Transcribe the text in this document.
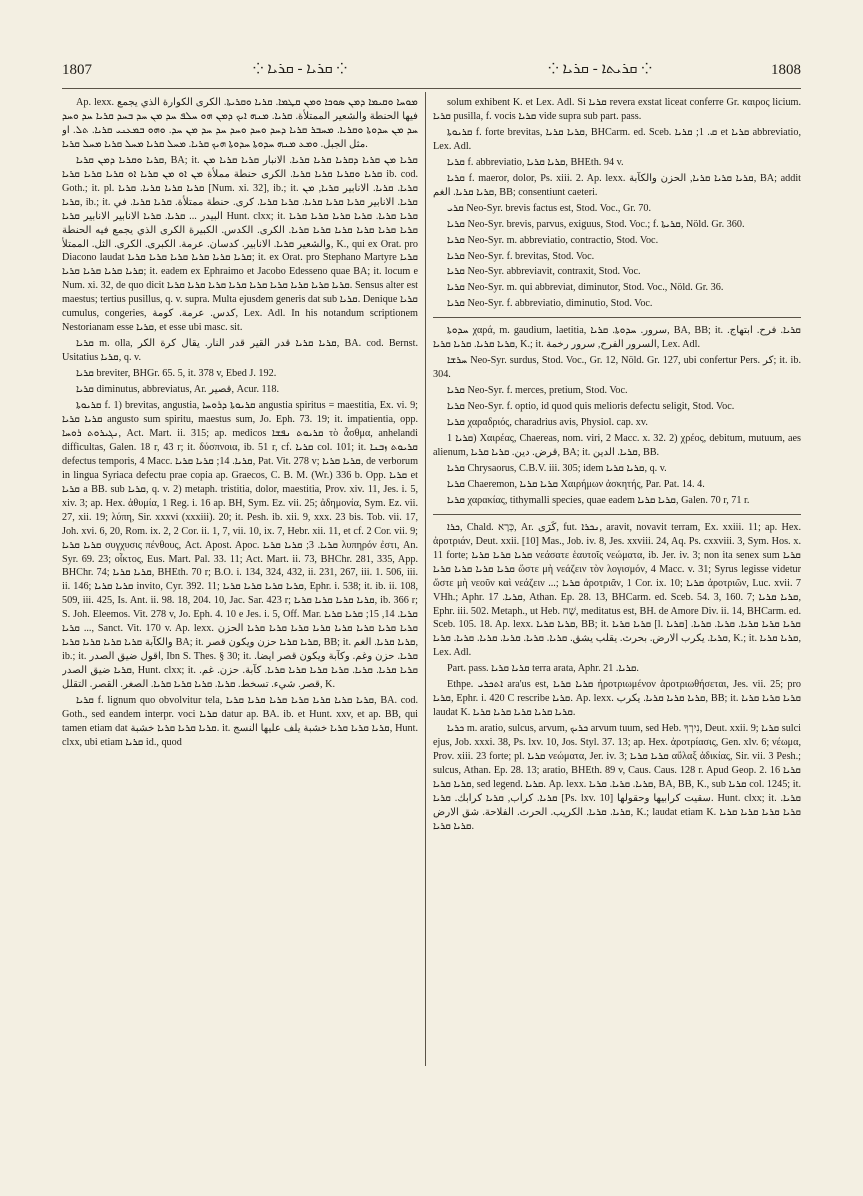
1807	⁘ ܩܪܝܐ - ܩܪܝܐ ⁘	⁘ ܩܪܝܬܐ - ܩܪܝܐ ⁘	1808

Ap. lexx. ܡܘܚܐ ܘܩܝܡܐ ܕܡܢ ܣܘܟܐ ܘܡܢ ܩܛܡܐ. ܩܪܝܐ ܘܩܪܝܬܐ. الكرى الكوارة الذي يجمع فيها الحنطة والشعير الممتلأة. ܩܪܝܐ. ܡܢܗ ܐܝܟ ܕܡܢ ܗܘ ܚܠܦ ܚܕ ܡܢ ܚܕ ܒܚܕ ܩܪܝܐ ܚܕ ܘܚܕ ܚܕ ܡܢ ܚܕܘܬܐ ܘܩܪܝܐ. ܡܚܒܪ ܩܪܝܐ ܕܚܕ ܘܚܕ ܘܚܕ ܚܕ ܚܕ ܡܢ ܚܕ. ܘܗܘ ܒܡܥܢܝ ܩܪܝܐ. ܬܠ. او مثل الجبل. ܘܡܥ ܡܢܗ ܚܕܘܬܐ ܚܕܘܬܐ ܗܝܟ ܩܪܝܐ. ܡܚܠ ܩܪܝܐ ܡܚܠ ܩܪܝܐ ܡܚܠ ܩܪܝܐ.

ܩܪܝܐ ܘܩܪܝܐ ܕܡܢ ܩܪܝܐ, BA; it. ܩܪܝܐ ܡܢ ܩܪܝܐ ܕܩܪܝܐ ܩܪܝܐ ܩܪܝܐ. الانبار ܩܪܝܐ ܩܪܝܐ ܡܢ ܩܪܝܐ ܘܩܪܝܐ ܩܪܝܐ ܩܪܝܐ. الكرى حنطة مملأة ܡܢ ܐܘ ܡܢ ܩܪܝܐ ܐܘ ܩܪܝܐ ܩܪܝܐ ܩܪܝܐ ib. cod. Goth.; it. pl. ܩܪܝܐ ܩܪܝܐ ܩܪܝܐ. ܩܪܝܐ [Num. xi. 32], ib.; it. ܩܪܝܐ. ܩܪܝܐ. الانابير ܩܪܝܐ, ܡܢ ܩܪܝܐ, ib.; it. ܩܪܝܐ. الانابير ܩܪܝܐ ܩܪܝܐ ܩܪܝܐ. ܩܪܝܐ ܩܪܝܐ. كرى. حنطة ممتلأة. ܩܪܝܐ ܩܪܝܐ. في البيدر ... ܩܪܝܐ. ܩܪܝܐ الانابير الانابير ܩܪܝܐ Hunt. clxx; it. ܩܪܝܐ ܩܪܝܐ. ܩܪܝܐ ܩܪܝܐ ܩܪܝܐ ܩܪܝܐ ܩܪܝܐ ܩܪܝܐ ܩܪܝܐ ܩܪܝܐ ܩܪܝܐ ܩܪܝܐ. الكرى. الكدس. الكبيرة الكرى الذي يجمع فيه الحنطة والشعير ܩܪܝܐ. الانابير. كدسان. عرمة. الكبرى. الكرى. الثل. الممتلأ, K., qui ex Orat. pro Diacono laudat ܩܪܝܐ ܩܪܝܐ ܩܪܝܐ ܩܪܝܐ ܩܪܝܐ ܩܪܝܐ; it. ex Orat. pro Stephano Martyre ܩܪܝܐ ܩܪܝܐ ܩܪܝܐ ܩܪܝܐ ܩܪܝܐ; it. eadem ex Ephraimo et Jacobo Edesseno quae BA; it. locum e Num. xi. 32, de quo dicit ܩܪܝܐ ܩܪܝܐ ܩܪܝܐ ܩܪܝܐ ܩܪܝܐ ܩܪܝܐ ܩܪܝܐ ܩܪܝܐ ܩܪܝܐ. Sensus alter est maestus; tertius pusillus, q. v. supra. Multa ejusdem generis dat sub ܩܪܝܐ. Denique ܩܪܝܐ cumulus, congeries, كدس. عرمة. كومة, Lex. Adl. In his notandum scriptionem Nestorianam esse ܩܪܝܐ, et esse ubi masc. sit.

ܩܪܝܐ m. olla, ܩܪܝܐ ܩܪܝܐ قدر القير قدر النار. يقال كرة الكر, BA. cod. Bernst. Usitatius ܩܪܝܐ, q. v.

ܩܪܝܐ breviter, BHGr. 65. 5, it. 378 v, Ebed J. 192.

ܩܪܝܐ diminutus, abbreviatus, Ar. قصير, Acur. 118.

ܩܪܝܘܬܐ f. 1) brevitas, angustia, ܩܪܝܘܬܐ ܕܪܘܚܐ angustia spiritus = maestitia, Ex. vi. 9; ܩܪܝܐ ܩܪܝܐ angusto sum spiritu, maestus sum, Jo. Eph. 73. 19; it. impatientia, opp. ܢܓܝܪܘܬ ܪܘܚܐ, Act. Mart. ii. 315; ap. medicos ܩܪܝܘܬ ܢܦܫܐ τὸ ἆσθμα, anhelandi difficultas, Galen. 18 r, 43 r; it. δύσπνοια, ib. 51 r, cf. ܩܪܝܐ col. 101; it. ܩܪܝܘܬ ܙܒܢܐ defectus temporis, 4 Macc. ܩܪܝܐ. 14; ܩܪܝܐ ܩܪܝܐ, Pat. Vit. 278 v; ܩܪܝܐ ܩܪܝܐ, de verborum in lingua Syriaca defectu prae copia ap. Graecos, C. B. M. (Wr.) 336 b. Opp. ܩܪܝܐ et ܩܪܝܐ a BB. sub ܩܪܝܐ, q. v. 2) metaph. tristitia, dolor, maestitia, Prov. xiv. 11, Jes. i. 5, xiv. 3; ap. Hex. ἀθυμία, 1 Reg. i. 16 ap. BH, Sym. Ez. vii. 25; ἀδημονία, Sym. Ez. vii. 27, xii. 19; λύπη, Sir. xxxvi (xxxiii). 20; it. Pesh. ib. xii. 9, xxx. 23 bis. Tob. vii. 17, Joh. xvi. 6, 20, Rom. ix. 2, 2 Cor. ii. 1, 7, vii. 10, ix. 7, Hebr. xii. 11, et cf. 2 Cor. vii. 9; ܩܪܝܐ ܩܪܝܐ συγχυσις πένθους, Act. Apost. Apoc. ܩܪܝܐ. 3; ܩܪܝܐ ܩܪܝܐ λυπηρόν ἐστι, An. Syr. 69. 23; οἶκτος, Eus. Mart. Pal. 33. 11; Act. Mart. ii. 73, BHChr. 281, 335, App. BHChr. 74; ܩܪܝܐ ܩܪܝܐ, BHEth. 70 r; B.O. i. 134, 324, 432, ii. 231, 267, iii. 1. 506, iii. ii. 146; ܩܪܝܐ ܩܪܝܐ invito, Cyr. 392. 11; ܩܪܝܐ ܩܪܝܐ ܩܪܝܐ ܩܪܝܐ, Ephr. i. 538; it. ib. ii. 108, 509, iii. 425, Is. Ant. ii. 98. 18, 204. 10, Jac. Sar. 423 r; ܩܪܝܐ ܩܪܝܐ ܩܪܝܐ ܩܪܝܐ, ib. 366 r; S. Joh. Eleemos. Vit. 278 v, Jo. Eph. 4. 10 e Jes. i. 5, Off. Mar. ܩܪܝܐ. 14, 15; ܩܪܝܐ ܩܪܝܐ ... ܩܪܝܐ, Sanct. Vit. 170 v. Ap. lexx. ܩܪܝܐ ܩܪܝܐ ܩܪܝܐ ܩܪܝܐ ܩܪܝܐ ܩܪܝܐ ܩܪܝܐ ܩܪܝܐ الحزن والكآبة ܩܪܝܐ ܩܪܝܐ ܩܪܝܐ ܩܪܝܐ BA; it. ܩܪܝܐ ܩܪܝܐ حزن ويكون قصر, BB; it. ܩܪܝܐ ܩܪܝܐ. الغم, ib.; it. اقول ضيق الصدر, Ibn S. Thes. § 30; it. ܩܪܝܐ. حزن وغم. وكآبة ويكون قصر ايضا. ܩܪܝܐ ضيق الصدر, Hunt. clxx; it. ܩܪܝܐ ܩܪܝܐ. ܩܪܝܐ. ܩܪܝܐ ܩܪܝܐ ܩܪܝܐ ܩܪܝܐ. كآبة. حزن. غم. قصر. شيء. تسخط. ܩܪܝܐ. ܩܪܝܐ ܩܪܝܐ ܩܪܝܐ. الصغر. القصر. التقلل, K.

ܩܪܝܐ f. lignum quo obvolvitur tela, ܩܪܝܐ ܩܪܝܐ ܩܪܝܐ ܩܪܝܐ ܩܪܝܐ ܩܪܝܐ ܩܪܝܐ, BA. cod. Goth., sed eandem interpr. voci ܩܪܝܐ datur ap. BA. ib. et Hunt. xxv, et ap. BB, qui tamen etiam dat ܩܪܝܐ ܩܪܝܐ ܩܪܝܐ خشبة. it. ܩܪܝܐ ܩܪܝܐ ܩܪܝܐ خشبة يلف عليها النسج, Hunt. clxx, ubi etiam ܩܪܝܐ id., quod

solum exhibent K. et Lex. Adl. Si ܩܪܝܐ revera exstat liceat conferre Gr. καιρος licium. ܩܪܝܐ pusilla, f. vocis ܩܪܝܐ vide supra sub part. pass.

ܩܪܝܘܬܐ f. forte brevitas, ܩܪܝܐ ܩܪܝܐ, BHCarm. ed. Sceb. ܩ. 1; ܩܪܝܐ et ܩܪܝܐ abbreviatio, Lex. Adl.

ܩܪܝܐ f. abbreviatio, ܩܪܝܐ ܩܪܝܐ, BHEth. 94 v.

ܩܪܝܐ f. maeror, dolor, Ps. xiii. 2. Ap. lexx. ܩܪܝܐ ܩܪܝܐ ܩܪܝܐ, الحزن والكآبة, BA; addit ܩܪܝܐ ܩܪܝܐ. الغم, BB; consentiunt caeteri.

ܩܪܝ Neo-Syr. brevis factus est, Stod. Voc., Gr. 70.

ܩܪܝܐ Neo-Syr. brevis, parvus, exiguus, Stod. Voc.; f. ܩܪܝܬܐ, Nöld. Gr. 360.

ܩܪܝܐ Neo-Syr. m. abbreviatio, contractio, Stod. Voc.

ܩܪܝܐ Neo-Syr. f. brevitas, Stod. Voc.

ܩܪܝܐ Neo-Syr. abbreviavit, contraxit, Stod. Voc.

ܩܪܝܐ Neo-Syr. m. qui abbreviat, diminutor, Stod. Voc., Nöld. Gr. 36.

ܩܪܝܐ Neo-Syr. f. abbreviatio, diminutio, Stod. Voc.

ܚܕܘܬܐ χαρά, m. gaudium, laetitia, سرور. ܚܕܘܬܐ. ܩܪܝܐ, BA, BB; it. ܩܪܝܐ. فرح. ابتهاج. ܩܪܝܐ ܩܪܝܐ. ܩܪܝܐ ܩܪܝܐ, K.; it. السرور الفرح, سرور رخمة, Lex. Adl.

ܚܪܫܐ Neo-Syr. surdus, Stod. Voc., Gr. 12, Nöld. Gr. 127, ubi confertur Pers. كر; it. ib. 304.

ܩܪܝܐ Neo-Syr. f. merces, pretium, Stod. Voc.

ܩܪܝܐ Neo-Syr. f. optio, id quod quis melioris defectu seligit, Stod. Voc.

ܩܪܝܐ χαραδριός, charadrius avis, Physiol. cap. xv.

ܩܪܝܐ 1) Χαιρέας, Chaereas, nom. viri, 2 Macc. x. 32. 2) χρέος, debitum, mutuum, aes alienum, قرض. دين. ܩܪܝܐ ܩܪܝܐ, BA; it. ܩܪܝܐ. الدين, BB.

ܩܪܝܐ Chrysaorus, C.B.V. iii. 305; idem ܩܪܝܐ ܩܪܝܐ, q. v.

ܩܪܝܐ Chaeremon, ܩܪܝܐ ܩܪܝܐ Χαιρήμων ἀσκητής, Par. Pat. 14. 4.

ܩܪܝܐ χαρακίας, tithymalli species, quae eadem ܩܪܝܐ ܩܪܝܐ, Galen. 70 r, 71 r.

ܟܪܐ, Chald. כְּרָא, Ar. كَرَى, fut. ܢܟܪܐ, aravit, novavit terram, Ex. xxiii. 11; ap. Hex. ἀροτριάν, Deut. xxii. [10] Mas., Job. iv. 8, Jes. xxviii. 24, Aq. Ps. cxxviii. 3, Sym. Hos. x. 11 forte; ܩܪܝܐ ܩܪܝܐ ܩܪܝܐ νεάσατε ἑαυτοῖς νεώματα, ib. Jer. iv. 3; non ita senex sum ܩܪܝܐ ܩܪܝܐ ܩܪܝܐ ܩܪܝܐ ܩܪܝܐ ὥστε μὴ νεάζειν τὸν λογισμόν, 4 Macc. v. 31; Syrus legisse videtur ὥστε μὴ νεοῦν καὶ νεάζειν ...; ܩܪܝܐ ἀροτριᾶν, 1 Cor. ix. 10; ܩܪܝܐ ἀροτριῶν, Luc. xvii. 7 VHh.; Aphr. ܩܪܝܐ. 17, Athan. Ep. 28. 13, BHCarm. ed. Sceb. 54. 3, 160. 7; ܩܪܝܐ ܩܪܝܐ, Ephr. iii. 502. Metaph., ut Heb. שָׁח, meditatus est, BH. de Amore Div. ii. 14, BHCarm. ed. Sceb. 105. 18. Ap. lexx. ܩܪܝܐ ܩܪܝܐ, BB; it. ܩܪܝܐ ܩܪܝܐ [l. ܩܪܝܐ] ܩܪܝܐ ܩܪܝܐ ܩܪܝܐ. ܩܪܝܐ. ܩܪܝܐ. ܩܪܝܐ. يكرب الارض. بحرث. يقلب يشق. ܩܪܝܐ. ܩܪܝܐ. ܩܪܝܐ. ܩܪܝܐ. ܩܪܝܐ. ܩܪܝܐ, K.; it. ܩܪܝܐ ܩܪܝܐ, Lex. Adl.

Part. pass. ܩܪܝܐ ܩܪܝܐ terra arata, Aphr. ܩܪܝܐ. 21.

Ethpe. ܐܬܟܪܝ ara'us est, ܩܪܝܐ ܩܪܝܐ ἠροτριωμένον ἀροτριωθήσεται, Jes. vii. 25; pro ܩܪܝܐ, Ephr. i. 420 C rescribe ܩܪܝܐ. Ap. lexx. ܩܪܝܐ ܩܪܝܐ ܩܪܝܐ. يكرب, BB; it. ܩܪܝܐ ܩܪܝܐ ܩܪܝܐ laudat K. ܩܪܝܐ ܩܪܝܐ ܩܪܝܐ ܩܪܝܐ ܩܪܝܐ.

ܟܪܝܐ m. aratio, sulcus, arvum, ܟܪܝܟ arvum tuum, sed Heb. נִירְךָ, Deut. xxii. 9; ܩܪܝܐ sulci ejus, Job. xxxi. 38, Ps. lxv. 10, Jos. Styl. 37. 13; ap. Hex. ἀροτρίασις, Gen. xlv. 6; νέωμα, Prov. xiii. 23 forte; pl. ܩܪܝܐ νεώματα, Jer. iv. 3; ܩܪܝܐ ܩܪܝܐ αὔλαξ ἀδικίας, Sir. vii. 3 Pesh.; sulcus, Athan. Ep. 28. 13; aratio, BHEth. 89 v, Caus. Caus. 128 r. Apud Geop. 2. 16 ܩܪܝܐ ܩܪܝܐ ܩܪܝܐ, sed legend. ܩܪܝܐ. Ap. lexx. ܩܪܝܐ. ܩܪܝܐ. ܩܪܝܐ, BA, BB, K., sub ܩܪܝܐ col. 1245; it. ܩܪܝܐ. كراب, ܩܪܝܐ كرابك. ܩܪܝܐ [Ps. lxv. 10] سقيت كرابيها وحقولها. Hunt. clxx; it. ܩܪܝܐ. ܩܪܝܐ. ܩܪܝܐ. الكريب. الحرث. الفلاحة. شق الارض, K.; laudat etiam K. ܩܪܝܐ ܩܪܝܐ ܩܪܝܐ ܩܪܝܐ ܩܪܝܐ ܩܪܝܐ.
